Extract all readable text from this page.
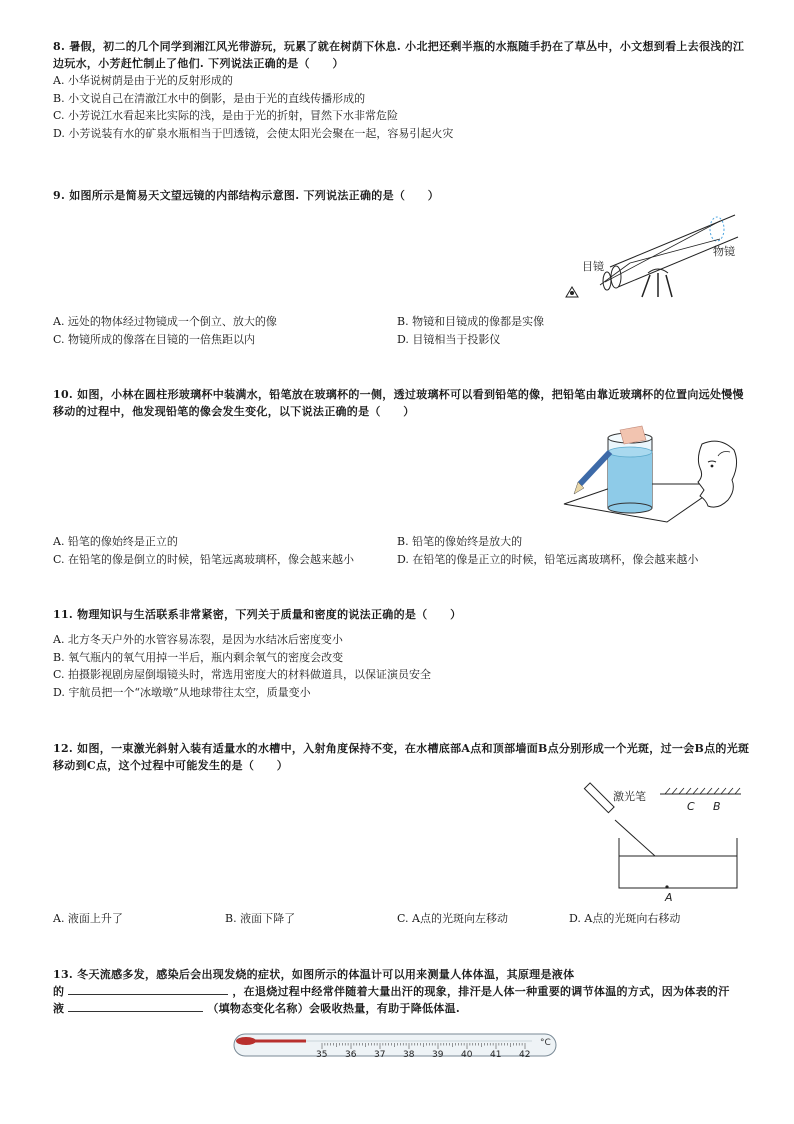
8. 暑假，初二的几个同学到湘江风光带游玩，玩累了就在树荫下休息. 小北把还剩半瓶的水瓶随手扔在了草丛中，小文想到看上去很浅的江边玩水，小芳赶忙制止了他们. 下列说法正确的是（　　）
A. 小华说树荫是由于光的反射形成的
B. 小文说自己在清澈江水中的倒影，是由于光的直线传播形成的
C. 小芳说江水看起来比实际的浅，是由于光的折射，冒然下水非常危险
D. 小芳说装有水的矿泉水瓶相当于凹透镜，会使太阳光会聚在一起，容易引起火灾
9. 如图所示是简易天文望远镜的内部结构示意图. 下列说法正确的是（　　）
目镜
物镜
A. 远处的物体经过物镜成一个倒立、放大的像	B. 物镜和目镜成的像都是实像
C. 物镜所成的像落在目镜的一倍焦距以内	D. 目镜相当于投影仪
10. 如图，小林在圆柱形玻璃杯中装满水，铅笔放在玻璃杯的一侧，透过玻璃杯可以看到铅笔的像，把铅笔由靠近玻璃杯的位置向远处慢慢移动的过程中，他发现铅笔的像会发生变化，以下说法正确的是（　　）
A. 铅笔的像始终是正立的	B. 铅笔的像始终是放大的
C. 在铅笔的像是倒立的时候，铅笔远离玻璃杯，像会越来越小	D. 在铅笔的像是正立的时候，铅笔远离玻璃杯，像会越来越小
11. 物理知识与生活联系非常紧密，下列关于质量和密度的说法正确的是（　　）
A. 北方冬天户外的水管容易冻裂，是因为水结冰后密度变小
B. 氧气瓶内的氧气用掉一半后，瓶内剩余氧气的密度会改变
C. 拍摄影视剧房屋倒塌镜头时，常选用密度大的材料做道具，以保证演员安全
D. 宇航员把一个“冰墩墩”从地球带往太空，质量变小
12. 如图，一束激光斜射入装有适量水的水槽中，入射角度保持不变，在水槽底部A点和顶部墙面B点分别形成一个光斑，过一会B点的光斑移动到C点，这个过程中可能发生的是（　　）
激光笔
C B
A
A. 液面上升了	B. 液面下降了	C. A点的光斑向左移动	D. A点的光斑向右移动
13. 冬天流感多发，感染后会出现发烧的症状，如图所示的体温计可以用来测量人体体温，其原理是液体
的	，在退烧过程中经常伴随着大量出汗的现象，排汗是人体一种重要的调节体温的方式，因为体表的汗
液	（填物态变化名称）会吸收热量，有助于降低体温.
35 36 37 38 39 40 41 42
°C
